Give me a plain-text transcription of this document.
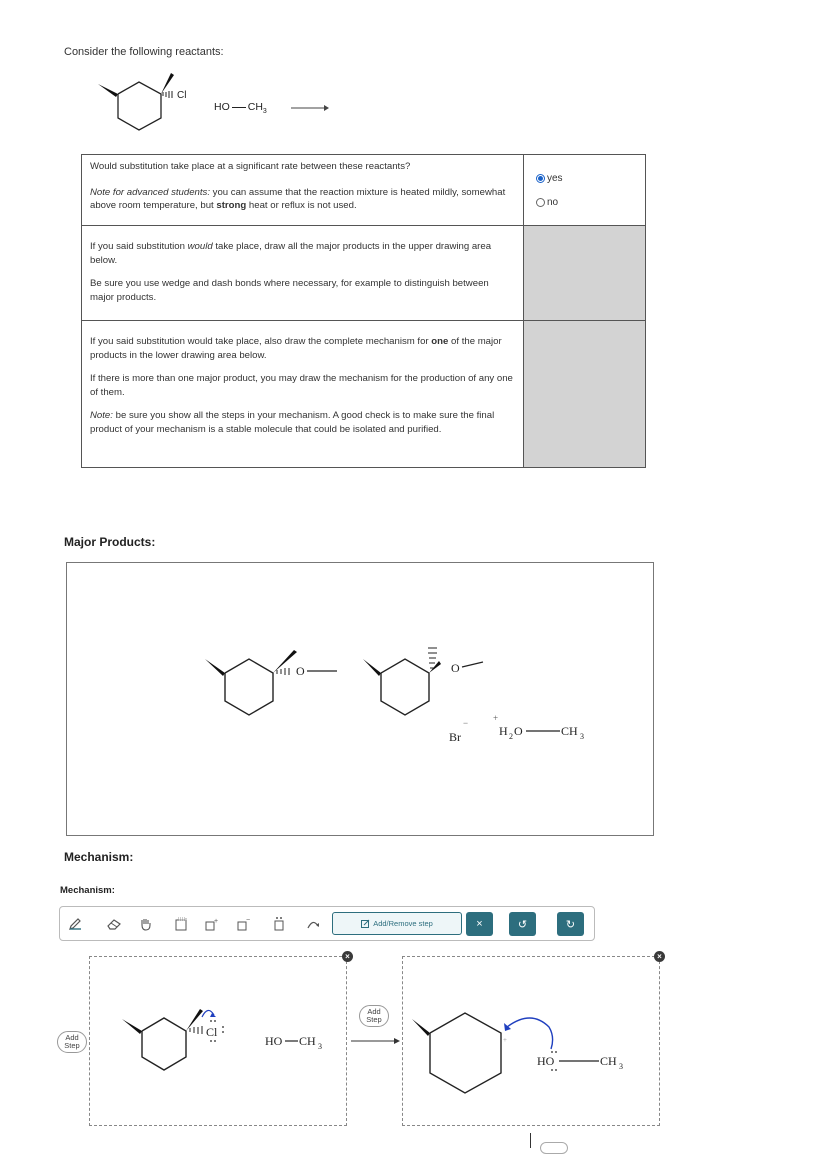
Consider the following reactants:
Cl
HO $CH_3$ →

Would substitution take place at a significant rate between these reactants?

Note for advanced students: you can assume that the reaction mixture is heated mildly, somewhat above room temperature, but strong heat or reflux is not used.

yes
no

If you said substitution would take place, draw all the major products in the upper drawing area below.

Be sure you use wedge and dash bonds where necessary, for example to distinguish between major products.

If you said substitution would take place, also draw the complete mechanism for one of the major products in the lower drawing area below.

If there is more than one major product, you may draw the mechanism for the production of any one of them.

Note: be sure you show all the steps in your mechanism. A good check is to make sure the final product of your mechanism is a stable molecule that could be isolated and purified.

Major Products:
O	O
Br
−	+
H 2 O	CH 3
Mechanism:
Mechanism:
+	−	Add/Remove step	×	↺	↻
Add Step
Add Step
Cl
HO CH 3
×
+
HO	CH 3
×
